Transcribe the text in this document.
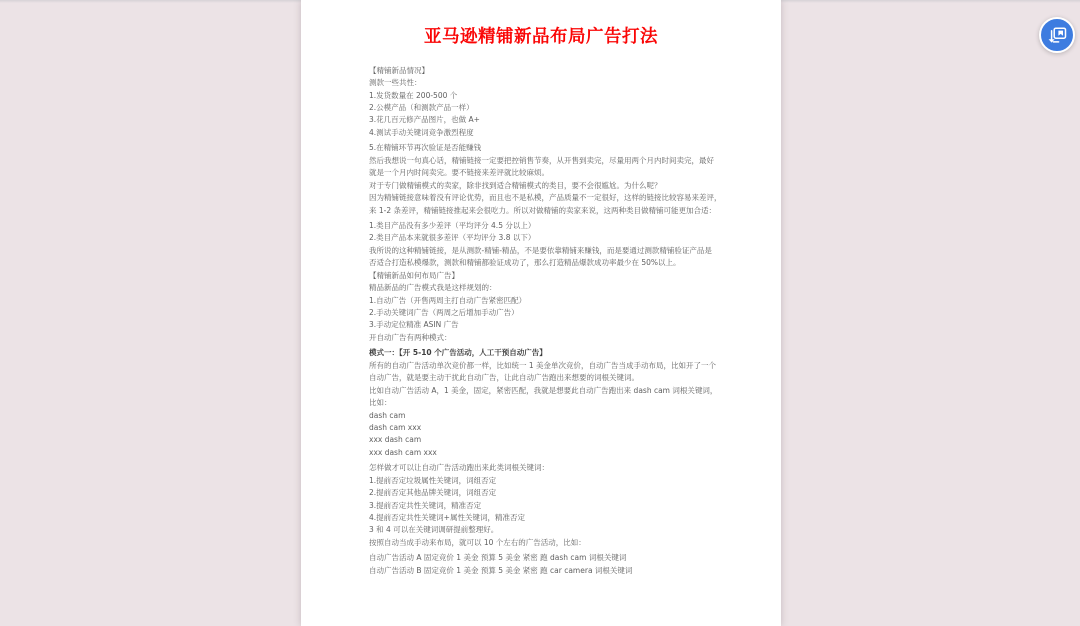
亚马逊精铺新品布局广告打法
【精铺新品情况】
测款一些共性：
1.发货数量在 200-500 个
2.公模产品（和测款产品一样）
3.花几百元修产品图片，也做 A+
4.测试手动关键词竞争激烈程度
5.在精铺环节再次验证是否能赚钱
然后我想说一句真心话，精铺链接一定要把控销售节奏，从开售到卖完，尽量用两个月内时间卖完，最好
就是一个月内时间卖完。要不链接来差评就比较麻烦。
对于专门做精铺模式的卖家，除非找到适合精铺模式的类目，要不会很尴尬。为什么呢？
因为精铺链接意味着没有评论优势，而且也不是私模，产品质量不一定很好，这样的链接比较容易来差评，
来 1-2 条差评，精铺链接推起来会很吃力。所以对做精铺的卖家来说，这两种类目做精铺可能更加合适：
1.类目产品没有多少差评（平均评分 4.5 分以上）
2.类目产品本来就很多差评（平均评分 3.8 以下）
我所说的这种精铺链接，是从测款-精铺-精品，不是要依靠精铺来赚钱，而是要通过测款精铺验证产品是
否适合打造私模爆款，测款和精铺都验证成功了，那么打造精品爆款成功率最少在 50%以上。
【精铺新品如何布局广告】
精品新品的广告模式我是这样规划的：
1.自动广告（开售两周主打自动广告紧密匹配）
2.手动关键词广告（两周之后增加手动广告）
3.手动定位精准 ASIN 广告
开自动广告有两种模式：
模式一：【开 5-10 个广告活动，人工干预自动广告】
所有的自动广告活动单次竞价都一样，比如统一 1 美金单次竞价，自动广告当成手动布局，比如开了一个
自动广告，就是要主动干扰此自动广告，让此自动广告跑出来想要的词根关键词。
比如自动广告活动 A，1 美金，固定，紧密匹配，我就是想要此自动广告跑出来 dash cam 词根关键词，
比如：
dash cam
dash cam xxx
xxx dash cam
xxx dash cam xxx
怎样做才可以让自动广告活动跑出来此类词根关键词：
1.提前否定垃圾属性关键词，词组否定
2.提前否定其他品牌关键词，词组否定
3.提前否定共性关键词，精准否定
4.提前否定共性关键词+属性关键词，精准否定
3 和 4 可以在关键词调研提前整理好。
按照自动当成手动来布局，就可以 10 个左右的广告活动，比如：
自动广告活动 A 固定竞价 1 美金 预算 5 美金 紧密 跑 dash cam 词根关键词
自动广告活动 B 固定竞价 1 美金 预算 5 美金 紧密 跑 car camera 词根关键词
